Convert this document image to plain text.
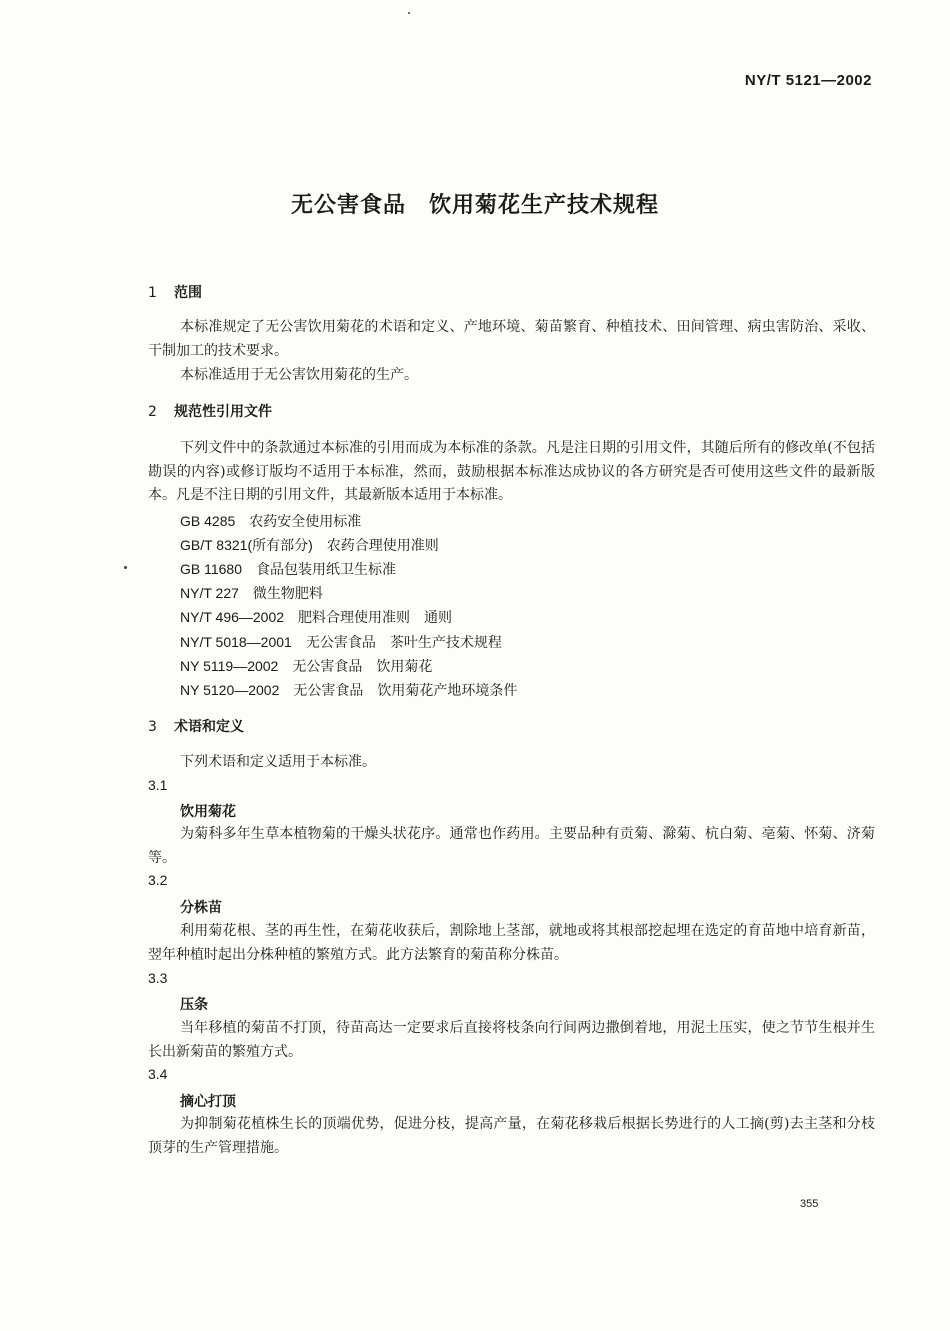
NY/T 5121—2002
无公害食品　饮用菊花生产技术规程
1 范围
本标准规定了无公害饮用菊花的术语和定义、产地环境、菊苗繁育、种植技术、田间管理、病虫害防治、采收、干制加工的技术要求。
本标准适用于无公害饮用菊花的生产。
2 规范性引用文件
下列文件中的条款通过本标准的引用而成为本标准的条款。凡是注日期的引用文件，其随后所有的修改单(不包括勘误的内容)或修订版均不适用于本标准，然而，鼓励根据本标准达成协议的各方研究是否可使用这些文件的最新版本。凡是不注日期的引用文件，其最新版本适用于本标准。
GB 4285 农药安全使用标准
GB/T 8321(所有部分) 农药合理使用准则
GB 11680 食品包装用纸卫生标准
NY/T 227 微生物肥料
NY/T 496—2002 肥料合理使用准则　通则
NY/T 5018—2001 无公害食品　茶叶生产技术规程
NY 5119—2002 无公害食品　饮用菊花
NY 5120—2002 无公害食品　饮用菊花产地环境条件
3 术语和定义
下列术语和定义适用于本标准。
3.1
饮用菊花
为菊科多年生草本植物菊的干燥头状花序。通常也作药用。主要品种有贡菊、滁菊、杭白菊、亳菊、怀菊、济菊等。
3.2
分株苗
利用菊花根、茎的再生性，在菊花收获后，割除地上茎部，就地或将其根部挖起埋在选定的育苗地中培育新苗，翌年种植时起出分株种植的繁殖方式。此方法繁育的菊苗称分株苗。
3.3
压条
当年移植的菊苗不打顶，待苗高达一定要求后直接将枝条向行间两边撒倒着地，用泥土压实，使之节节生根并生长出新菊苗的繁殖方式。
3.4
摘心打顶
为抑制菊花植株生长的顶端优势，促进分枝，提高产量，在菊花移栽后根据长势进行的人工摘(剪)去主茎和分枝顶芽的生产管理措施。
355
